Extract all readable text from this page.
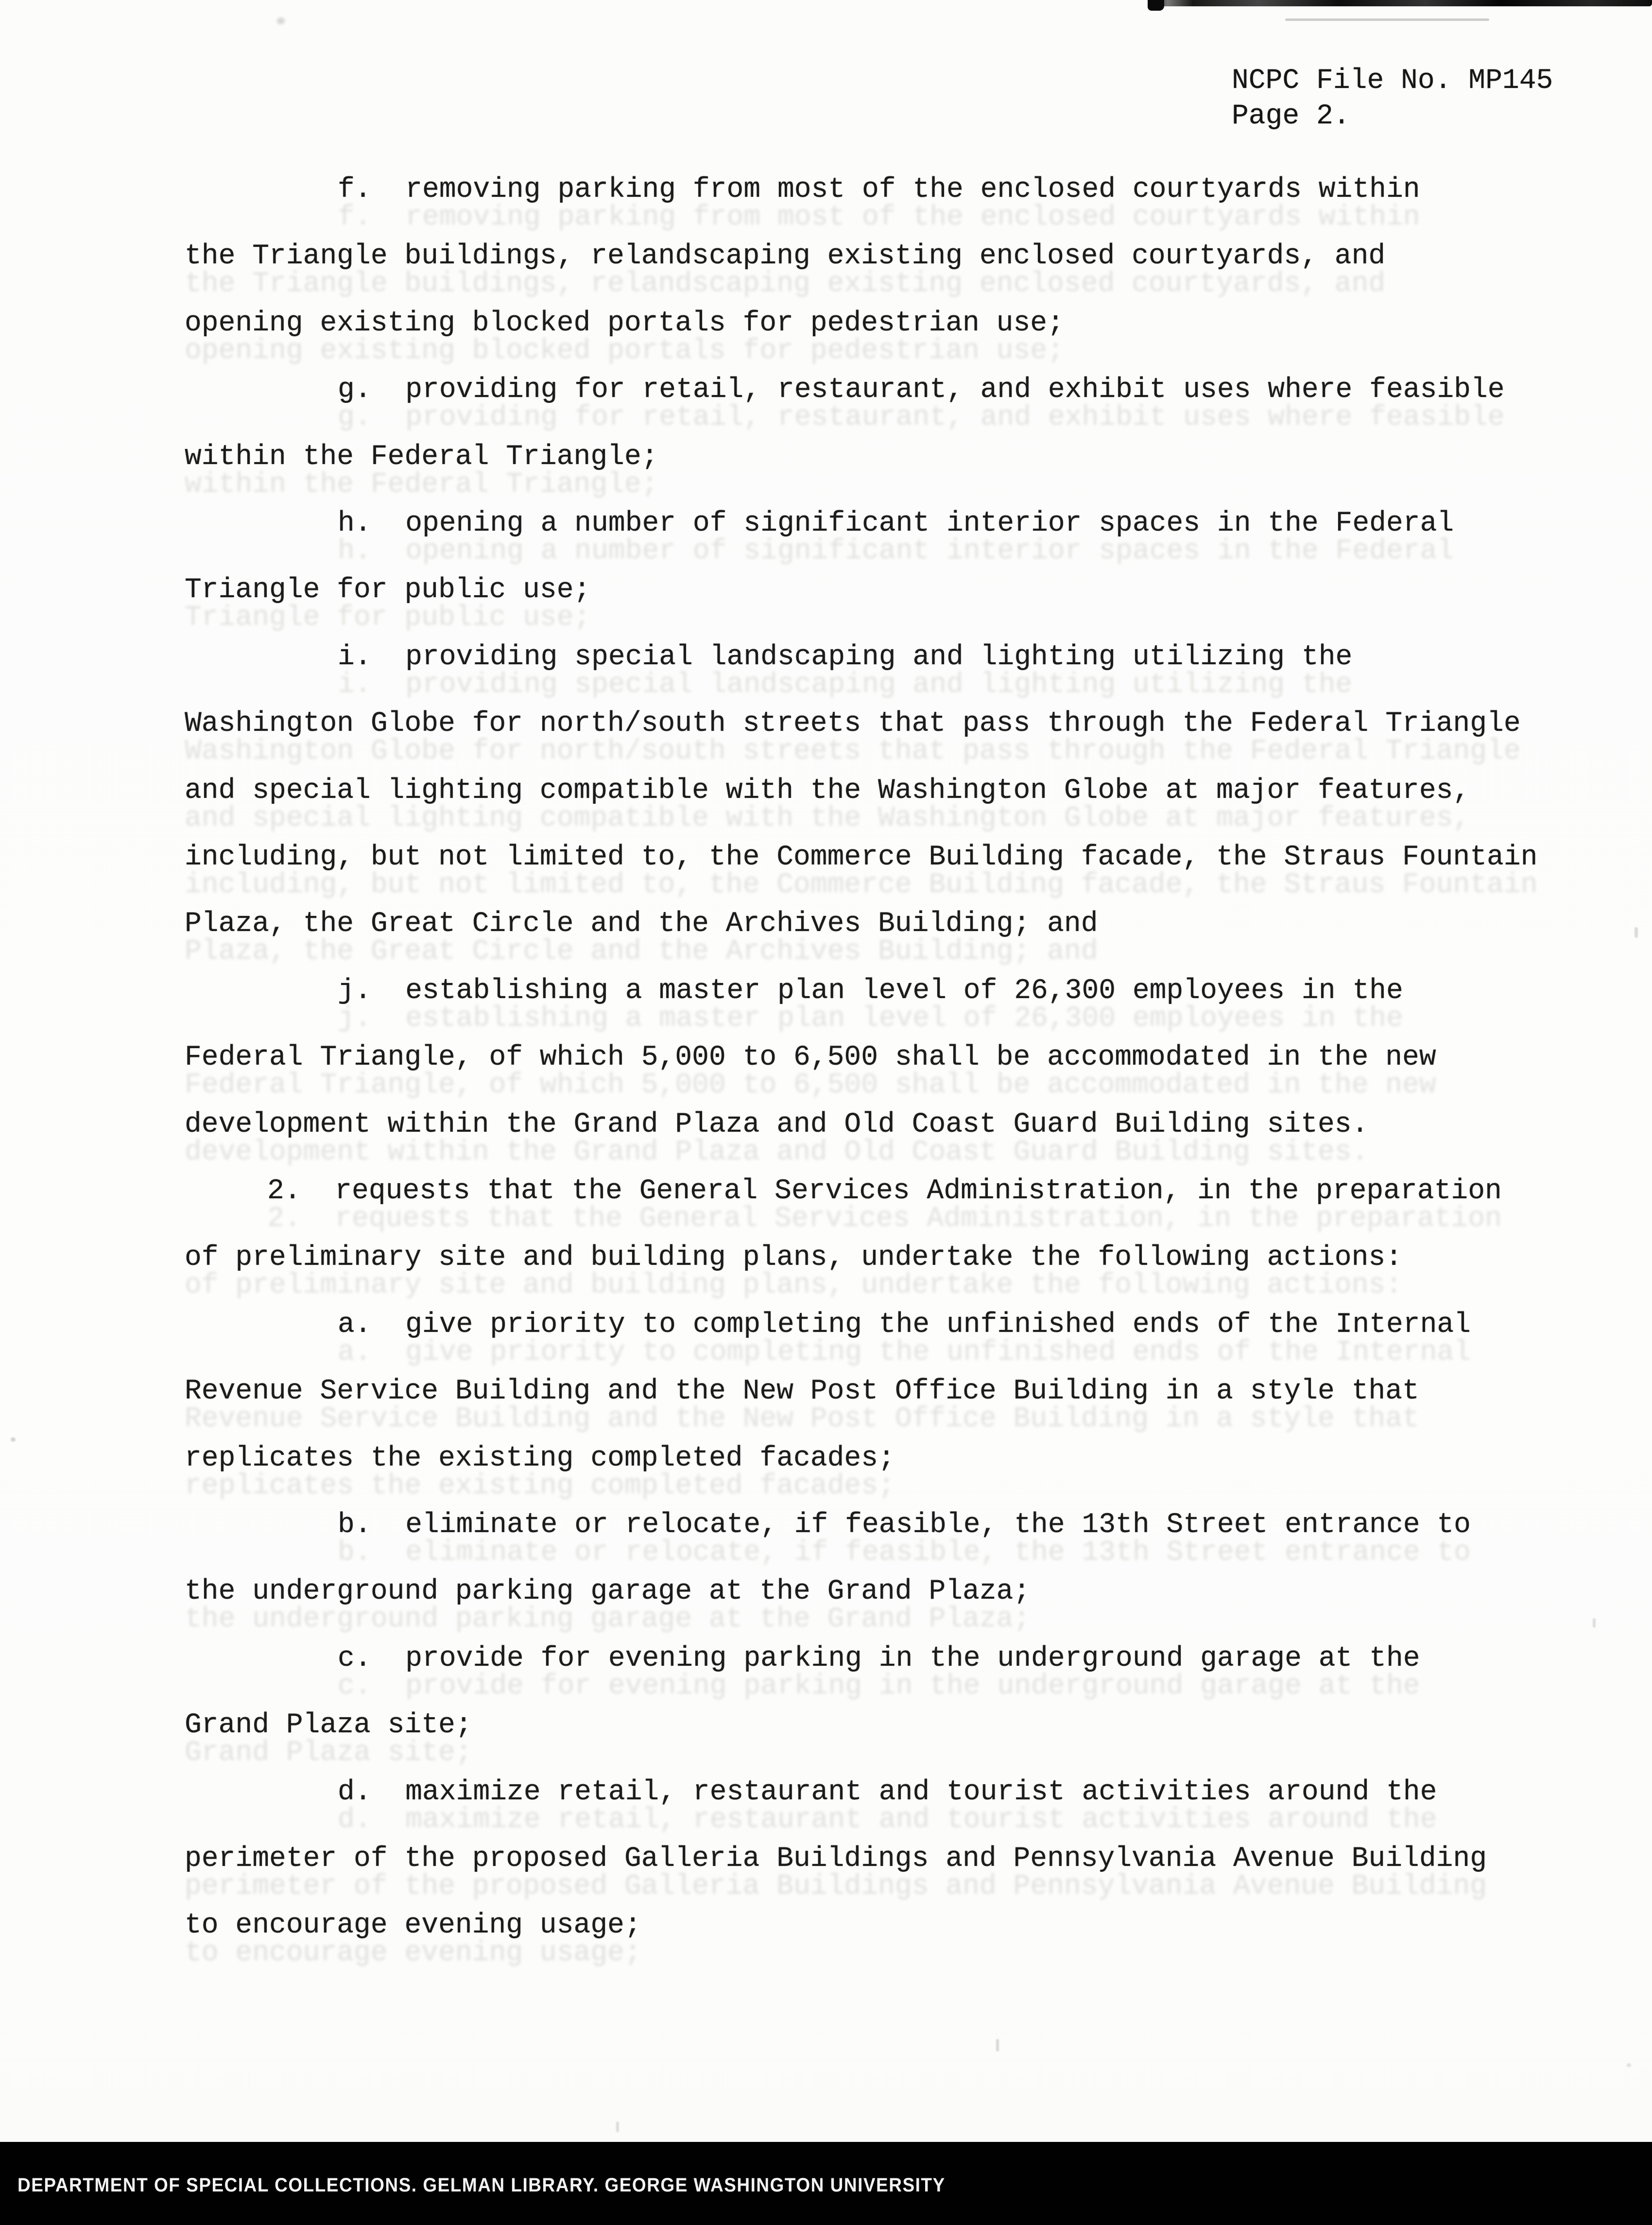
NCPC File No. MP145
Page 2.
f.  removing parking from most of the enclosed courtyards within
the Triangle buildings, relandscaping existing enclosed courtyards, and
opening existing blocked portals for pedestrian use;
g.  providing for retail, restaurant, and exhibit uses where feasible
within the Federal Triangle;
h.  opening a number of significant interior spaces in the Federal
Triangle for public use;
i.  providing special landscaping and lighting utilizing the
Washington Globe for north/south streets that pass through the Federal Triangle
and special lighting compatible with the Washington Globe at major features,
including, but not limited to, the Commerce Building facade, the Straus Fountain
Plaza, the Great Circle and the Archives Building; and
j.  establishing a master plan level of 26,300 employees in the
Federal Triangle, of which 5,000 to 6,500 shall be accommodated in the new
development within the Grand Plaza and Old Coast Guard Building sites.
2.  requests that the General Services Administration, in the preparation
of preliminary site and building plans, undertake the following actions:
a.  give priority to completing the unfinished ends of the Internal
Revenue Service Building and the New Post Office Building in a style that
replicates the existing completed facades;
b.  eliminate or relocate, if feasible, the 13th Street entrance to
the underground parking garage at the Grand Plaza;
c.  provide for evening parking in the underground garage at the
Grand Plaza site;
d.  maximize retail, restaurant and tourist activities around the
perimeter of the proposed Galleria Buildings and Pennsylvania Avenue Building
to encourage evening usage;
DEPARTMENT OF SPECIAL COLLECTIONS. GELMAN LIBRARY. GEORGE WASHINGTON UNIVERSITY
